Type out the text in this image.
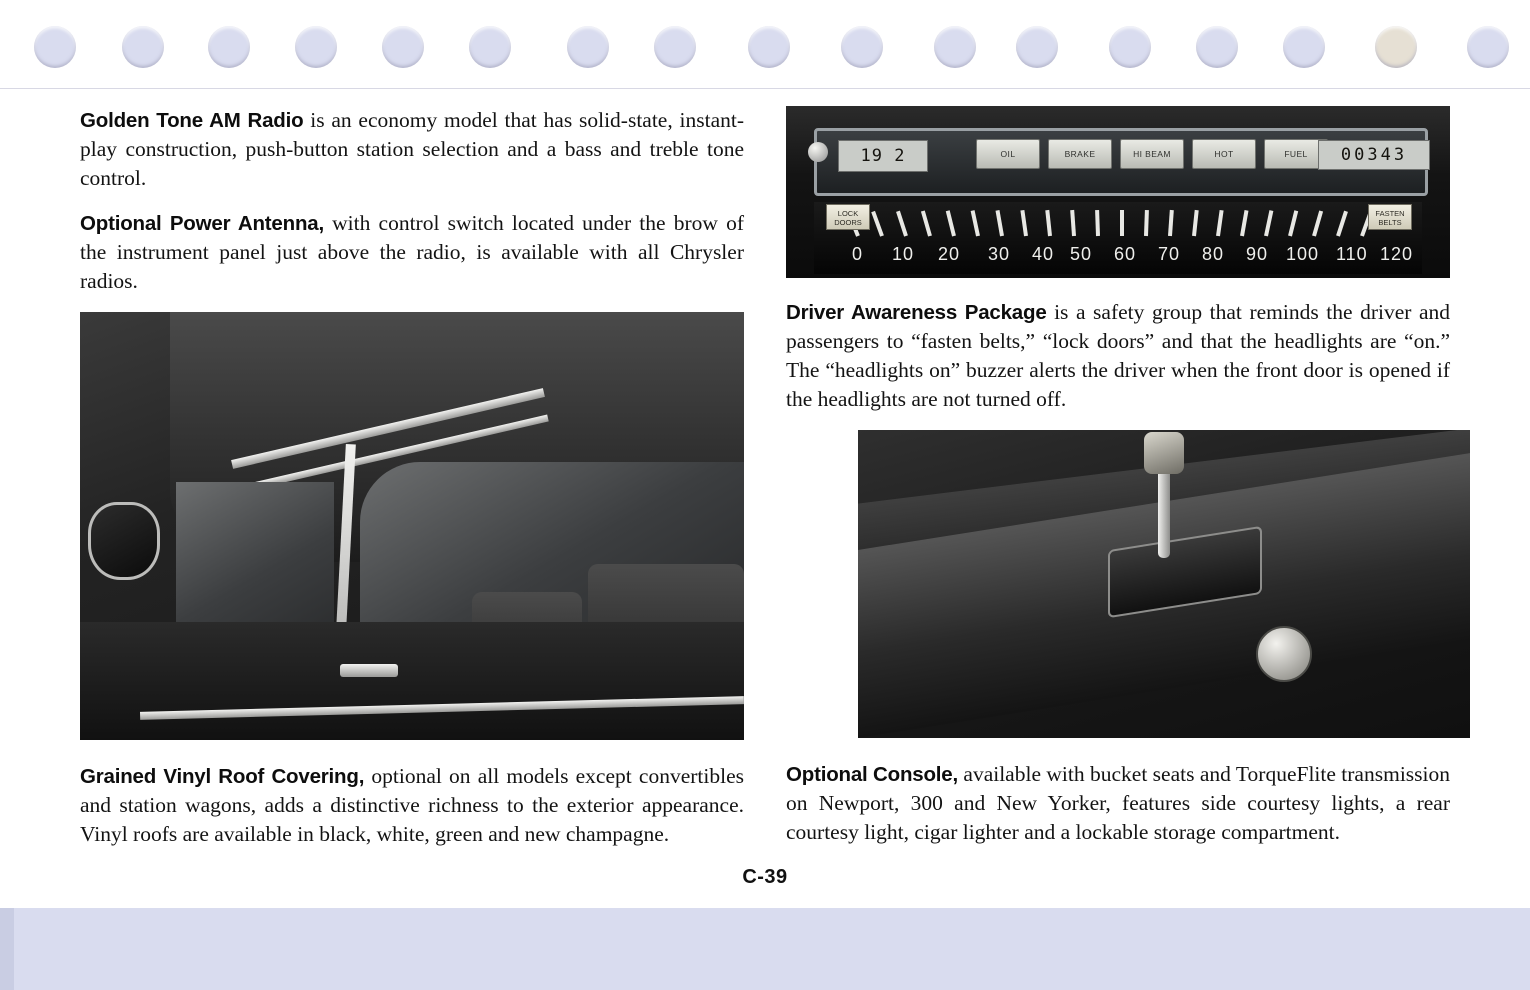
Golden Tone AM Radio is an economy model that has solid-state, instant-play construction, push-button station selection and a bass and treble tone control.

Optional Power Antenna, with control switch located under the brow of the instrument panel just above the radio, is available with all Chrysler radios.

Grained Vinyl Roof Covering, optional on all models except convertibles and station wagons, adds a distinctive richness to the exterior appearance. Vinyl roofs are available in black, white, green and new champagne.

19 2	OIL	BRAKE	HI BEAM	HOT	FUEL	00343
0 10 20 30 40 50 60 70 80 90 100 110 120
LOCK DOORS
FASTEN BELTS

Driver Awareness Package is a safety group that reminds the driver and passengers to “fasten belts,” “lock doors” and that the headlights are “on.” The “headlights on” buzzer alerts the driver when the front door is opened if the headlights are not turned off.

Optional Console, available with bucket seats and TorqueFlite transmission on Newport, 300 and New Yorker, features side courtesy lights, a rear courtesy light, cigar lighter and a lockable storage compartment.

C-39
